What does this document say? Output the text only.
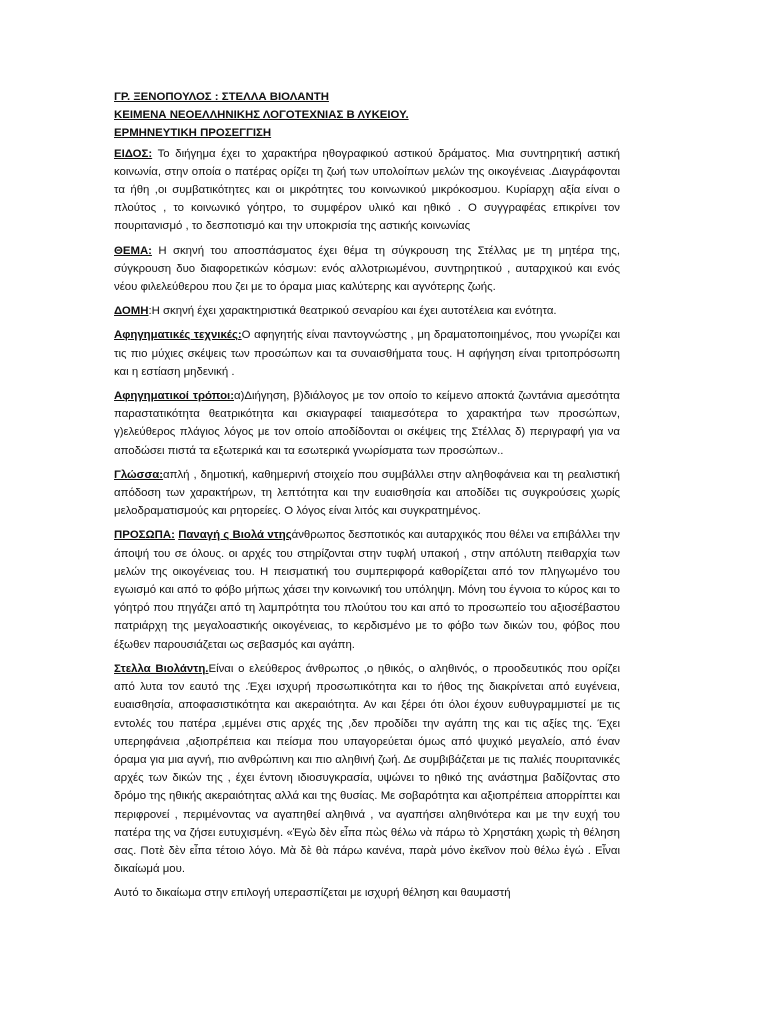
ΓΡ. ΞΕΝΟΠΟΥΛΟΣ : ΣΤΕΛΛΑ ΒΙΟΛΑΝΤΗ

ΚΕΙΜΕΝΑ ΝΕΟΕΛΛΗΝΙΚΗΣ ΛΟΓΟΤΕΧΝΙΑΣ Β ΛΥΚΕΙΟΥ.

ΕΡΜΗΝΕΥΤΙΚΗ ΠΡΟΣΕΓΓΙΣΗ

ΕΙΔΟΣ: Το διήγημα έχει το χαρακτήρα ηθογραφικού αστικού δράματος. Μια συντηρητική αστική κοινωνία, στην οποία ο πατέρας ορίζει τη ζωή των υπολοίπων μελών της οικογένειας .Διαγράφονται τα ήθη ,οι συμβατικότητες και οι μικρότητες του κοινωνικού μικρόκοσμου. Κυρίαρχη αξία είναι ο πλούτος , το κοινωνικό γόητρο, το συμφέρον υλικό και ηθικό . Ο συγγραφέας επικρίνει τον πουριτανισμό , το δεσποτισμό και την υποκρισία της αστικής κοινωνίας

ΘΕΜΑ: Η σκηνή του αποσπάσματος έχει θέμα τη σύγκρουση της Στέλλας με τη μητέρα της, σύγκρουση δυο διαφορετικών κόσμων: ενός αλλοτριωμένου, συντηρητικού , αυταρχικού και ενός νέου φιλελεύθερου που ζει με το όραμα μιας καλύτερης και αγνότερης ζωής.

ΔΟΜΗ:Η σκηνή έχει χαρακτηριστικά θεατρικού σεναρίου και έχει αυτοτέλεια και ενότητα.

Αφηγηματικές τεχνικές:Ο αφηγητής είναι παντογνώστης , μη δραματοποιημένος, που γνωρίζει και τις πιο μύχιες σκέψεις των προσώπων και τα συναισθήματα τους. Η αφήγηση είναι τριτοπρόσωπη και η εστίαση μηδενική .

Αφηγηματικοί τρόποι:α)Διήγηση, β)διάλογος με τον οποίο το κείμενο αποκτά ζωντάνια αμεσότητα παραστατικότητα θεατρικότητα και σκιαγραφεί ταιαμεσότερα το χαρακτήρα των προσώπων, γ)ελεύθερος πλάγιος λόγος με τον οποίο αποδίδονται οι σκέψεις της Στέλλας δ) περιγραφή για να αποδώσει πιστά τα εξωτερικά και τα εσωτερικά γνωρίσματα των προσώπων..

Γλώσσα:απλή , δημοτική, καθημερινή στοιχείο που συμβάλλει στην αληθοφάνεια και τη ρεαλιστική απόδοση των χαρακτήρων, τη λεπτότητα και την ευαισθησία και αποδίδει τις συγκρούσεις χωρίς μελοδραματισμούς και ρητορείες. Ο λόγος είναι λιτός και συγκρατημένος.

ΠΡΟΣΩΠΑ: Παναγή ς Βιολά ντηςάνθρωπος δεσποτικός και αυταρχικός που θέλει να επιβάλλει την άποψή του σε όλους. οι αρχές του στηρίζονται στην τυφλή υπακοή , στην απόλυτη πειθαρχία των μελών της οικογένειας του. Η πεισματική του συμπεριφορά καθορίζεται από τον πληγωμένο του εγωισμό και από το φόβο μήπως χάσει την κοινωνική του υπόληψη. Μόνη του έγνοια το κύρος και το γόητρό που πηγάζει από τη λαμπρότητα του πλούτου του και από το προσωπείο του αξιοσέβαστου πατριάρχη της μεγαλοαστικής οικογένειας, το κερδισμένο με το φόβο των δικών του, φόβος που έξωθεν παρουσιάζεται ως σεβασμός και αγάπη.

Στελλα Βιολάντη.Είναι ο ελεύθερος άνθρωπος ,ο ηθικός, ο αληθινός, ο προοδευτικός που ορίζει από λυτα τον εαυτό της .Έχει ισχυρή προσωπικότητα και το ήθος της διακρίνεται από ευγένεια, ευαισθησία, αποφασιστικότητα και ακεραιότητα. Αν και ξέρει ότι όλοι έχουν ευθυγραμμιστεί με τις εντολές του πατέρα ,εμμένει στις αρχές της ,δεν προδίδει την αγάπη της και τις αξίες της. Έχει υπερηφάνεια ,αξιοπρέπεια και πείσμα που υπαγορεύεται όμως από ψυχικό μεγαλείο, από έναν όραμα για μια αγνή, πιο ανθρώπινη και πιο αληθινή ζωή. Δε συμβιβάζεται με τις παλιές πουριτανικές αρχές των δικών της , έχει έντονη ιδιοσυγκρασία, υψώνει το ηθικό της ανάστημα βαδίζοντας στο δρόμο της ηθικής ακεραιότητας αλλά και της θυσίας. Με σοβαρότητα και αξιοπρέπεια απορρίπτει και περιφρονεί , περιμένοντας να αγαπηθεί αληθινά , να αγαπήσει αληθινότερα και με την ευχή του πατέρα της να ζήσει ευτυχισμένη. «Ἐγὼ δὲν εἶπα πὼς θέλω νὰ πάρω τὸ Χρηστάκη χωρὶς τὴ θέληση σας. Ποτὲ δὲν εἶπα τέτοιο λόγο. Μὰ δὲ θὰ πάρω κανένα, παρὰ μόνο ἐκεῖνον ποὺ θέλω ἐγώ . Εἶναι δικαίωμά μου.

Αυτό το δικαίωμα στην επιλογή υπερασπίζεται με ισχυρή θέληση και θαυμαστή
